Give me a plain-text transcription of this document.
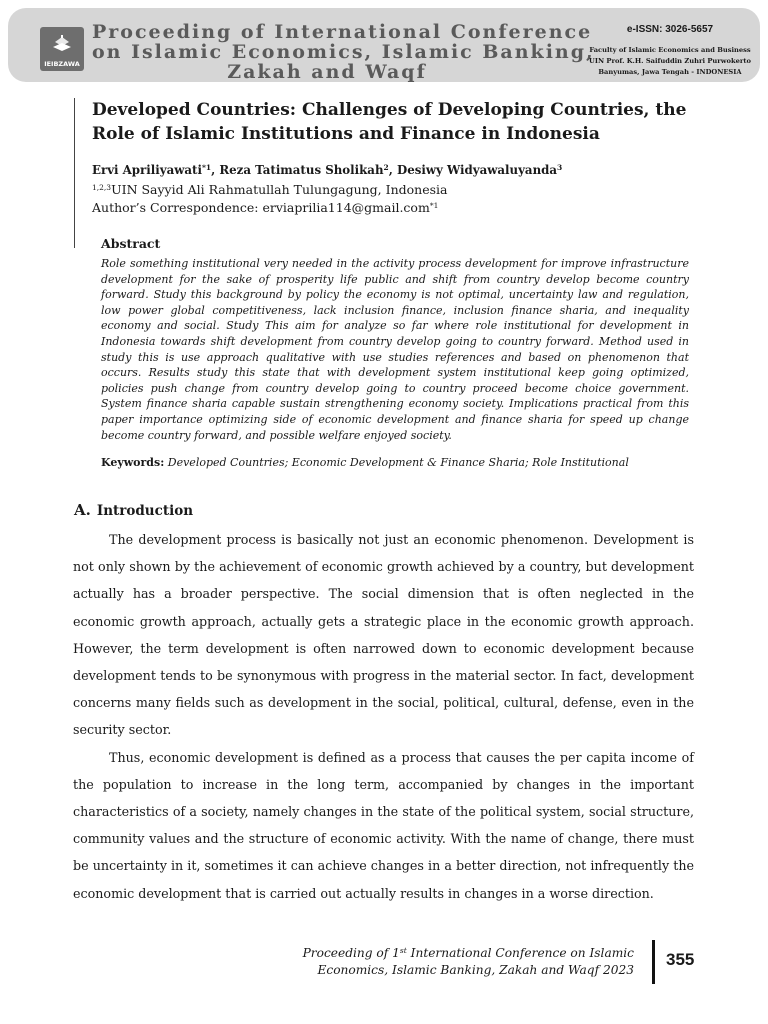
IEIBZAWA
Proceeding of International Conference
on Islamic Economics, Islamic Banking,
Zakah and Waqf
e-ISSN: 3026-5657
Faculty of Islamic Economics and Business
UIN Prof. K.H. Saifuddin Zuhri Purwokerto
Banyumas, Jawa Tengah - INDONESIA
Developed Countries: Challenges of Developing Countries, the
Role of Islamic Institutions and Finance in Indonesia
Ervi Apriliyawati$^{*1}$, Reza Tatimatus Sholikah$^2$, Desiwy Widyawaluyanda$^3$
$^{1,2,3}$UIN Sayyid Ali Rahmatullah Tulungagung, Indonesia
Author’s Correspondence: erviaprilia114@gmail.com$^{*1}$
Abstract
Role something institutional very needed in the activity process development for improve infrastructure development for the sake of prosperity life public and shift from country develop become country forward. Study this background by policy the economy is not optimal, uncertainty law and regulation, low power global competitiveness, lack inclusion finance, inclusion finance sharia, and inequality economy and social. Study This aim for analyze so far where role institutional for development in Indonesia towards shift development from country develop going to country forward. Method used in study this is use approach qualitative with use studies references and based on phenomenon that occurs. Results study this state that with development system institutional keep going optimized, policies push change from country develop going to country proceed become choice government. System finance sharia capable sustain strengthening economy society. Implications practical from this paper importance optimizing side of economic development and finance sharia for speed up change become country forward, and possible welfare enjoyed society.
Keywords: Developed Countries; Economic Development & Finance Sharia; Role Institutional
A. Introduction

The development process is basically not just an economic phenomenon. Development is not only shown by the achievement of economic growth achieved by a country, but development actually has a broader perspective. The social dimension that is often neglected in the economic growth approach, actually gets a strategic place in the economic growth approach. However, the term development is often narrowed down to economic development because development tends to be synonymous with progress in the material sector. In fact, development concerns many fields such as development in the social, political, cultural, defense, even in the security sector.

Thus, economic development is defined as a process that causes the per capita income of the population to increase in the long term, accompanied by changes in the important characteristics of a society, namely changes in the state of the political system, social structure, community values and the structure of economic activity. With the name of change, there must be uncertainty in it, sometimes it can achieve changes in a better direction, not infrequently the economic development that is carried out actually results in changes in a worse direction.

Proceeding of 1st International Conference on Islamic
Economics, Islamic Banking, Zakah and Waqf 2023
355
